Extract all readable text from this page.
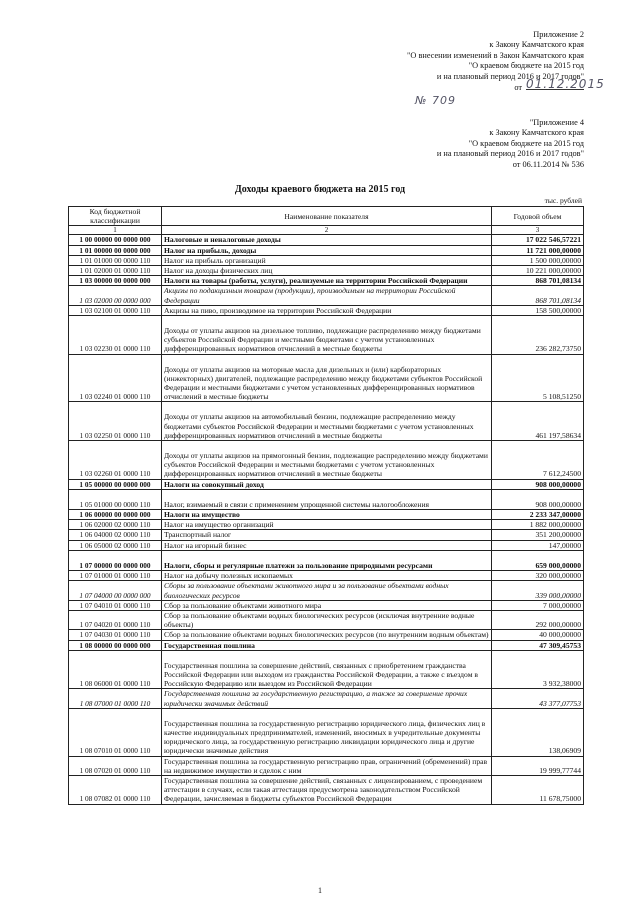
Приложение 2
к Закону Камчатского края
"О внесении изменений в Закон Камчатского края
"О краевом бюджете на 2015 год
и на плановый период 2016 и 2017 годов"
от 01.12.2015
№ 709
"Приложение 4
к Закону Камчатского края
"О краевом бюджете на 2015 год
и на плановый период 2016 и 2017 годов"
от 06.11.2014 № 536
Доходы краевого бюджета на 2015 год
тыс. рублей
Код бюджетной классификации	Наименование показателя	Годовой объем
1	2	3
1 00 00000 00 0000 000	Налоговые и неналоговые доходы	17 022 546,57221
1 01 00000 00 0000 000	Налог на прибыль, доходы	11 721 000,00000
1 01 01000 00 0000 110	Налог на прибыль организаций	1 500 000,00000
1 01 02000 01 0000 110	Налог на доходы физических лиц	10 221 000,00000
1 03 00000 00 0000 000	Налоги на товары (работы, услуги), реализуемые на территории Российской Федерации	868 701,08134
1 03 02000 00 0000 000	Акцизы по подакцизным товарам (продукции), производимым на территории Российской Федерации	868 701,08134
1 03 02100 01 0000 110	Акцизы на пиво, производимое на территории Российской Федерации	158 500,00000
1 03 02230 01 0000 110	Доходы от уплаты акцизов на дизельное топливо, подлежащие распределению между бюджетами субъектов Российской Федерации и местными бюджетами с учетом установленных дифференцированных нормативов отчислений в местные бюджеты	236 282,73750
1 03 02240 01 0000 110	Доходы от уплаты акцизов на моторные масла для дизельных и (или) карбюраторных (инжекторных) двигателей, подлежащие распределению между бюджетами субъектов Российской Федерации и местными бюджетами с учетом установленных дифференцированных нормативов отчислений в местные бюджеты	5 108,51250
1 03 02250 01 0000 110	Доходы от уплаты акцизов на автомобильный бензин, подлежащие распределению между бюджетами субъектов Российской Федерации и местными бюджетами с учетом установленных дифференцированных нормативов отчислений в местные бюджеты	461 197,58634
1 03 02260 01 0000 110	Доходы от уплаты акцизов на прямогонный бензин, подлежащие распределению между бюджетами субъектов Российской Федерации и местными бюджетами с учетом установленных дифференцированных нормативов отчислений в местные бюджеты	7 612,24500
1 05 00000 00 0000 000	Налоги на совокупный доход	908 000,00000
1 05 01000 00 0000 110	Налог, взимаемый в связи с применением упрощенной системы налогообложения	908 000,00000
1 06 00000 00 0000 000	Налоги на имущество	2 233 347,00000
1 06 02000 02 0000 110	Налог на имущество организаций	1 882 000,00000
1 06 04000 02 0000 110	Транспортный налог	351 200,00000
1 06 05000 02 0000 110	Налог на игорный бизнес	147,00000
1 07 00000 00 0000 000	Налоги, сборы и регулярные платежи за пользование природными ресурсами	659 000,00000
1 07 01000 01 0000 110	Налог на добычу полезных ископаемых	320 000,00000
1 07 04000 00 0000 000	Сборы за пользование объектами животного мира и за пользование объектами водных биологических ресурсов	339 000,00000
1 07 04010 01 0000 110	Сбор за пользование объектами животного мира	7 000,00000
1 07 04020 01 0000 110	Сбор за пользование объектами водных биологических ресурсов (исключая внутренние водные объекты)	292 000,00000
1 07 04030 01 0000 110	Сбор за пользование объектами водных биологических ресурсов (по внутренним водным объектам)	40 000,00000
1 08 00000 00 0000 000	Государственная пошлина	47 309,45753
1 08 06000 01 0000 110	Государственная пошлина за совершение действий, связанных с приобретением гражданства Российской Федерации или выходом из гражданства Российской Федерации, а также с въездом в Российскую Федерацию или выездом из Российской Федерации	3 932,38000
1 08 07000 01 0000 110	Государственная пошлина за государственную регистрацию, а также за совершение прочих юридически значимых действий	43 377,07753
1 08 07010 01 0000 110	Государственная пошлина за государственную регистрацию юридического лица, физических лиц в качестве индивидуальных предпринимателей, изменений, вносимых в учредительные документы юридического лица, за государственную регистрацию ликвидации юридического лица и другие юридически значимые действия	138,06909
1 08 07020 01 0000 110	Государственная пошлина за государственную регистрацию прав, ограничений (обременений) прав на недвижимое имущество и сделок с ним	19 999,77744
1 08 07082 01 0000 110	Государственная пошлина за совершение действий, связанных с лицензированием, с проведением аттестации в случаях, если такая аттестация предусмотрена законодательством Российской Федерации, зачисляемая в бюджеты субъектов Российской Федерации	11 678,75000
1
